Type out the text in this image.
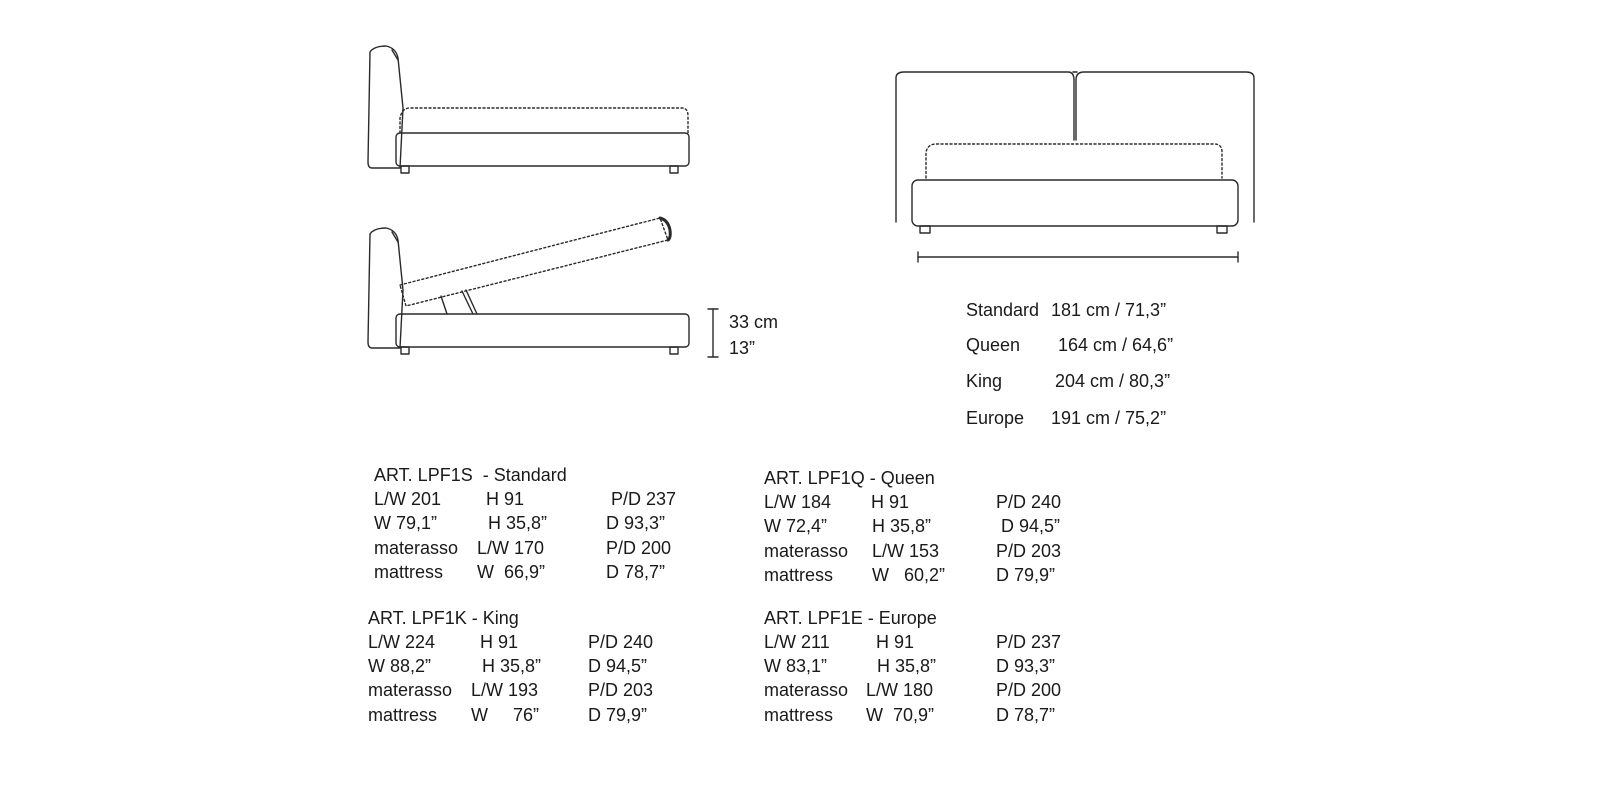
33 cm
13”
Standard 181 cm / 71,3”
Queen 164 cm / 64,6”
King	204 cm / 80,3”
Europe 191 cm / 75,2”
ART. LPF1S  - Standard
L/W 201 H 91	P/D 237
W 79,1”	H 35,8”	D 93,3”
materasso L/W 170	P/D 200
mattress W  66,9”	D 78,7”
ART. LPF1Q - Queen
L/W 184 H 91	P/D 240
W 72,4” H 35,8”	D 94,5”
materasso L/W 153	P/D 203
mattress W   60,2”	D 79,9”
ART. LPF1K - King
L/W 224 H 91	P/D 240
W 88,2”	H 35,8”	D 94,5”
materasso L/W 193	P/D 203
mattress W     76”	D 79,9”
ART. LPF1E - Europe
L/W 211	H 91	P/D 237
W 83,1”	H 35,8”	D 93,3”
materasso L/W 180	P/D 200
mattress W  70,9”	D 78,7”
